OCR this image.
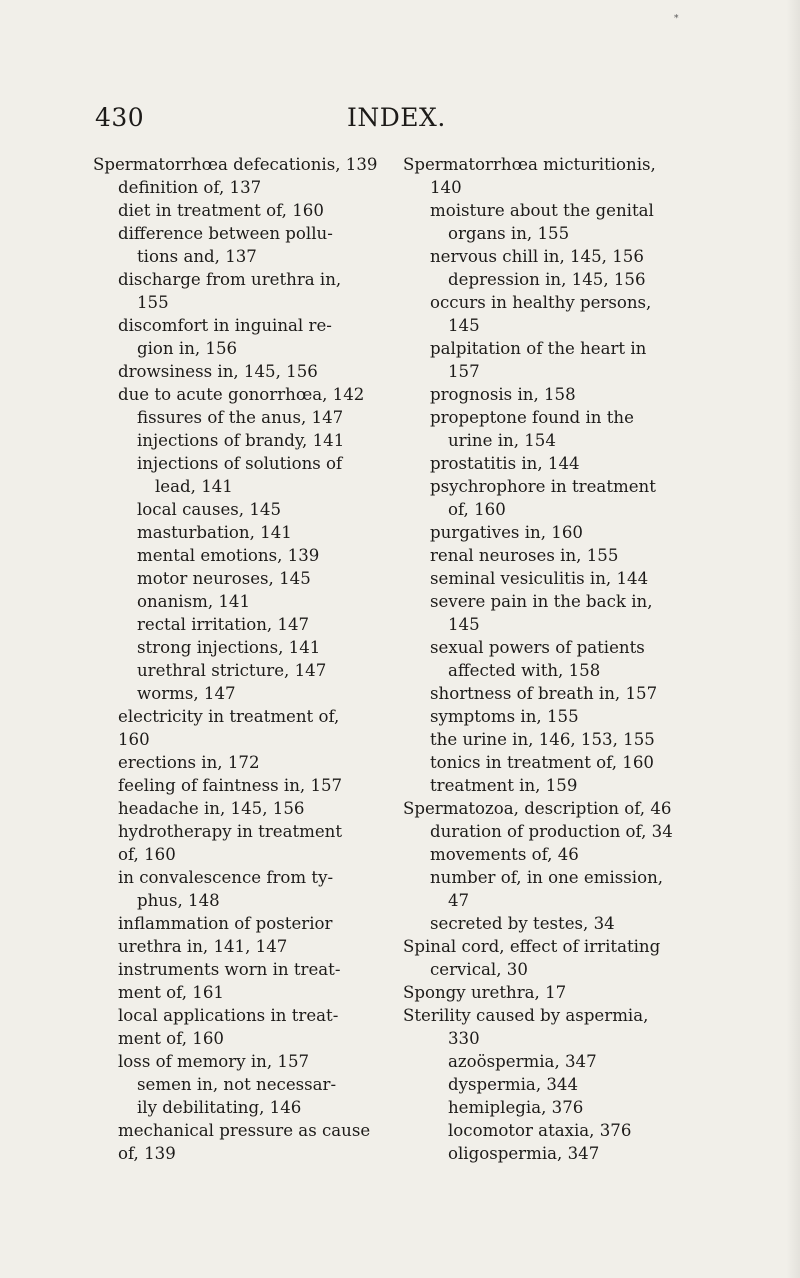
*
430	INDEX.
Spermatorrhœa defecationis, 139
definition of, 137
diet in treatment of, 160
difference between pollu-
tions and, 137
discharge from urethra in,
155
discomfort in inguinal re-
gion in, 156
drowsiness in, 145, 156
due to acute gonorrhœa, 142
fissures of the anus, 147
injections of brandy, 141
injections of solutions of
lead, 141
local causes, 145
masturbation, 141
mental emotions, 139
motor neuroses, 145
onanism, 141
rectal irritation, 147
strong injections, 141
urethral stricture, 147
worms, 147
electricity in treatment of,
160
erections in, 172
feeling of faintness in, 157
headache in, 145, 156
hydrotherapy in treatment
of, 160
in convalescence from ty-
phus, 148
inflammation of posterior
urethra in, 141, 147
instruments worn in treat-
ment of, 161
local applications in treat-
ment of, 160
loss of memory in, 157
semen in, not necessar-
ily debilitating, 146
mechanical pressure as cause
of, 139
Spermatorrhœa micturitionis,
140
moisture about the genital
organs in, 155
nervous chill in, 145, 156
depression in, 145, 156
occurs in healthy persons,
145
palpitation of the heart in
157
prognosis in, 158
propeptone found in the
urine in, 154
prostatitis in, 144
psychrophore in treatment
of, 160
purgatives in, 160
renal neuroses in, 155
seminal vesiculitis in, 144
severe pain in the back in,
145
sexual powers of patients
affected with, 158
shortness of breath in, 157
symptoms in, 155
the urine in, 146, 153, 155
tonics in treatment of, 160
treatment in, 159
Spermatozoa, description of, 46
duration of production of, 34
movements of, 46
number of, in one emission,
47
secreted by testes, 34
Spinal cord, effect of irritating
cervical, 30
Spongy urethra, 17
Sterility caused by aspermia,
330
azoöspermia, 347
dyspermia, 344
hemiplegia, 376
locomotor ataxia, 376
oligospermia, 347
